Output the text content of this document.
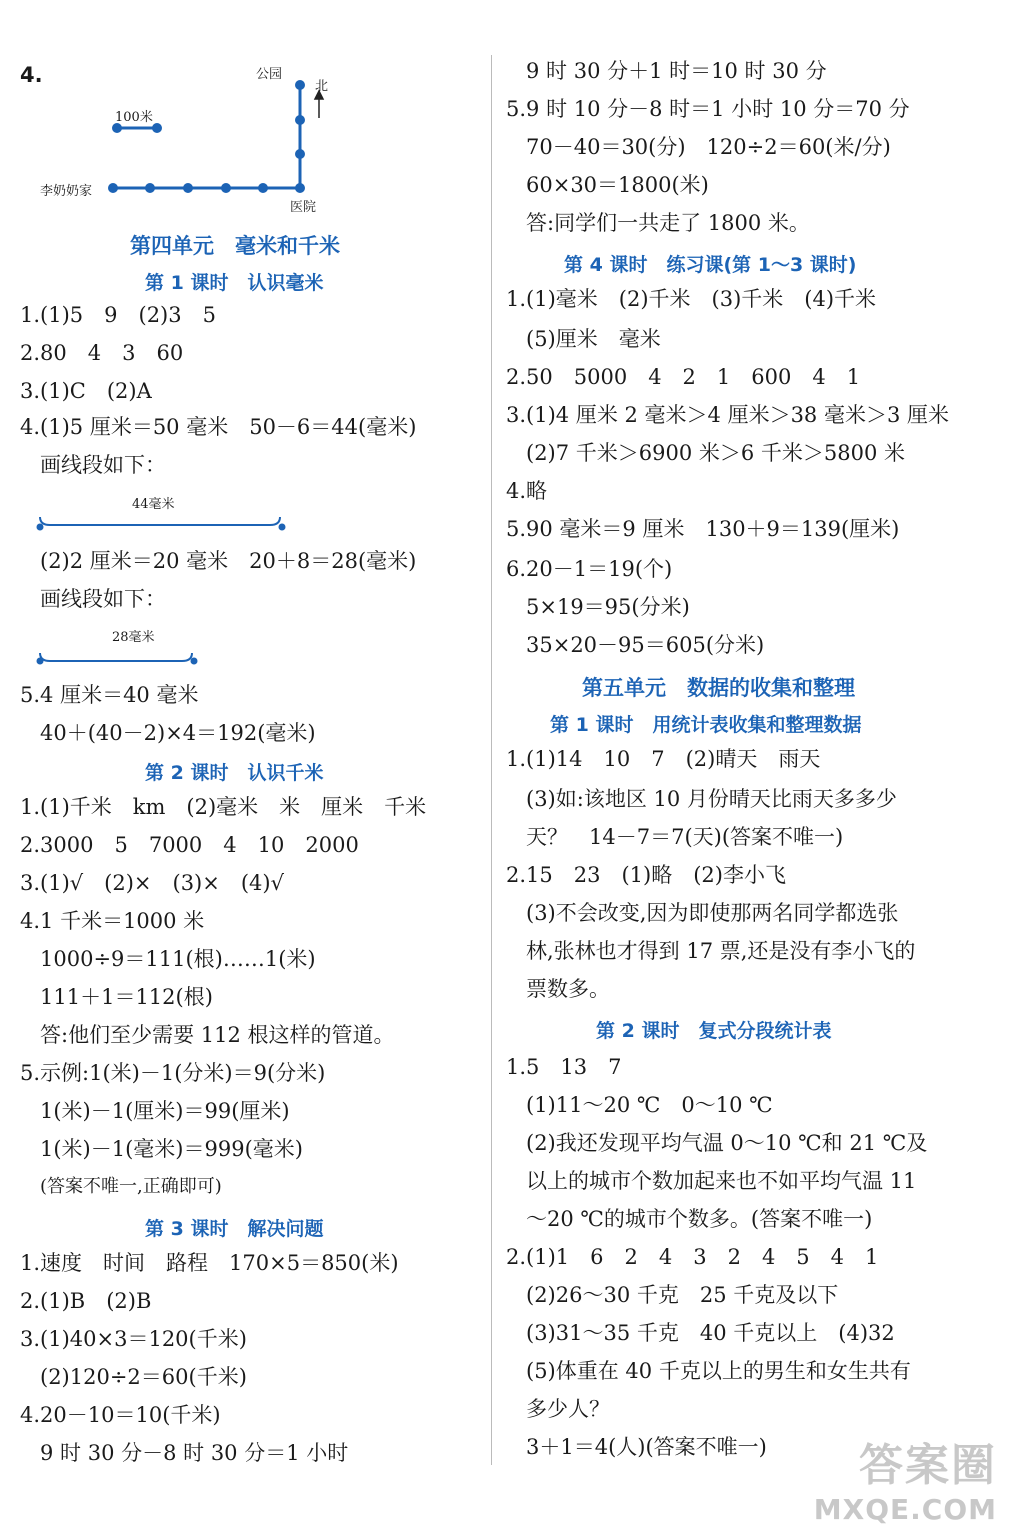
4.	公园
北
100米
李奶奶家
医院
第四单元　毫米和千米
第 1 课时　认识毫米
1.(1)5　9　(2)3　5
2.80　4　3　60
3.(1)C　(2)A
4.(1)5 厘米＝50 毫米　50－6＝44(毫米)
画线段如下：
44毫米
(2)2 厘米＝20 毫米　20＋8＝28(毫米)
画线段如下：
28毫米
5.4 厘米＝40 毫米
40＋(40－2)×4＝192(毫米)
第 2 课时　认识千米
1.(1)千米　km　(2)毫米　米　厘米　千米
2.3000　5　7000　4　10　2000
3.(1)√　(2)×　(3)×　(4)√
4.1 千米＝1000 米
1000÷9＝111(根)……1(米)
111＋1＝112(根)
答:他们至少需要 112 根这样的管道。
5.示例:1(米)－1(分米)＝9(分米)
1(米)－1(厘米)＝99(厘米)
1(米)－1(毫米)＝999(毫米)
(答案不唯一,正确即可)
第 3 课时　解决问题
1.速度　时间　路程　170×5＝850(米)
2.(1)B　(2)B
3.(1)40×3＝120(千米)
(2)120÷2＝60(千米)
4.20－10＝10(千米)
9 时 30 分－8 时 30 分＝1 小时
9 时 30 分＋1 时＝10 时 30 分
5.9 时 10 分－8 时＝1 小时 10 分＝70 分
70－40＝30(分)　120÷2＝60(米/分)
60×30＝1800(米)
答:同学们一共走了 1800 米。
第 4 课时　练习课(第 1～3 课时)
1.(1)毫米　(2)千米　(3)千米　(4)千米
(5)厘米　毫米
2.50　5000　4　2　1　600　4　1
3.(1)4 厘米 2 毫米＞4 厘米＞38 毫米＞3 厘米
(2)7 千米＞6900 米＞6 千米＞5800 米
4.略
5.90 毫米＝9 厘米　130＋9＝139(厘米)
6.20－1＝19(个)
5×19＝95(分米)
35×20－95＝605(分米)
第五单元　数据的收集和整理
第 1 课时　用统计表收集和整理数据
1.(1)14　10　7　(2)晴天　雨天
(3)如:该地区 10 月份晴天比雨天多多少
天？　14－7＝7(天)(答案不唯一)
2.15　23　(1)略　(2)李小飞
(3)不会改变,因为即使那两名同学都选张
林,张林也才得到 17 票,还是没有李小飞的
票数多。
第 2 课时　复式分段统计表
1.5　13　7
(1)11～20 ℃　0～10 ℃
(2)我还发现平均气温 0～10 ℃和 21 ℃及
以上的城市个数加起来也不如平均气温 11
～20 ℃的城市个数多。(答案不唯一)
2.(1)1　6　2　4　3　2　4　5　4　1
(2)26～30 千克　25 千克及以下
(3)31～35 千克　40 千克以上　(4)32
(5)体重在 40 千克以上的男生和女生共有
多少人？
3＋1＝4(人)(答案不唯一)	答案圈
MXQE.COM
